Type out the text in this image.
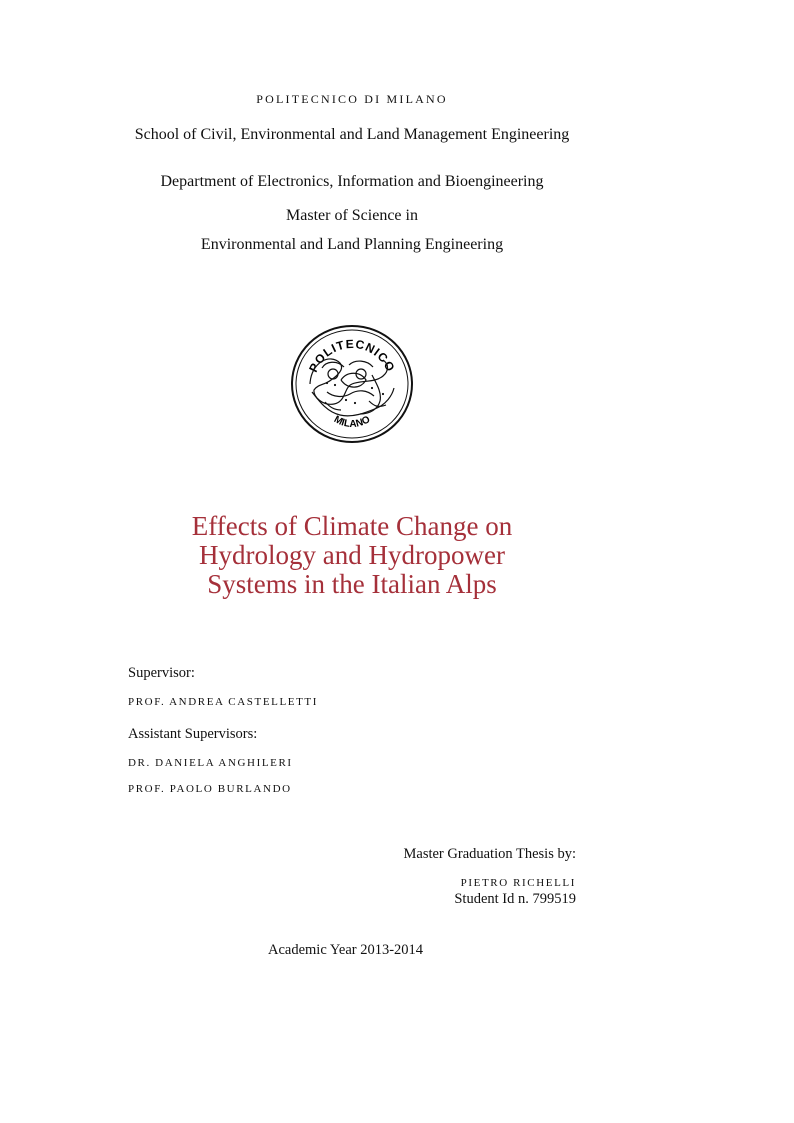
POLITECNICO DI MILANO
School of Civil, Environmental and Land Management Engineering
Department of Electronics, Information and Bioengineering
Master of Science in
Environmental and Land Planning Engineering
POLITECNICO
MILANO
Effects of Climate Change on
Hydrology and Hydropower
Systems in the Italian Alps
Supervisor:
PROF. ANDREA CASTELLETTI
Assistant Supervisors:
DR. DANIELA ANGHILERI
PROF. PAOLO BURLANDO
Master Graduation Thesis by:
PIETRO RICHELLI
Student Id n. 799519
Academic Year 2013-2014
